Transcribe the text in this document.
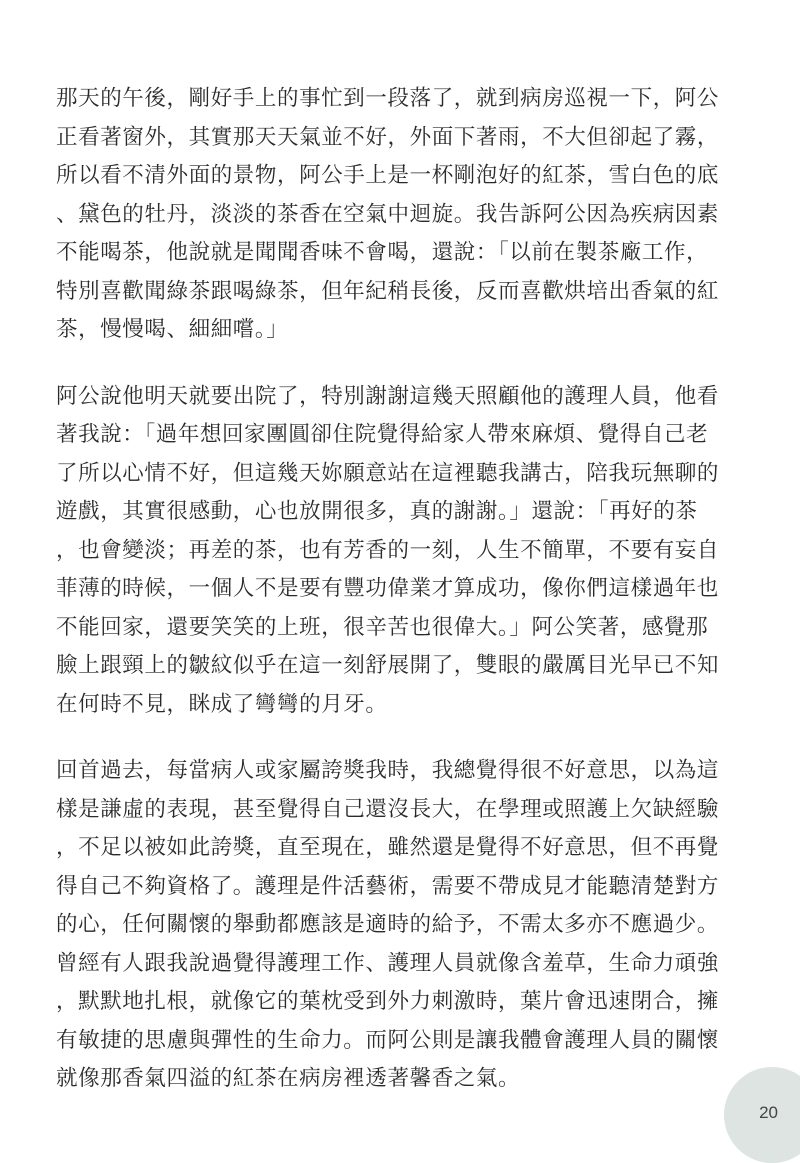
那天的午後，剛好手上的事忙到一段落了，就到病房巡視一下，阿公
正看著窗外，其實那天天氣並不好，外面下著雨，不大但卻起了霧，
所以看不清外面的景物，阿公手上是一杯剛泡好的紅茶，雪白色的底
、黛色的牡丹，淡淡的茶香在空氣中迴旋。我告訴阿公因為疾病因素
不能喝茶，他說就是聞聞香味不會喝，還說：「以前在製茶廠工作，
特別喜歡聞綠茶跟喝綠茶，但年紀稍長後，反而喜歡烘培出香氣的紅
茶，慢慢喝、細細嚐。」

阿公說他明天就要出院了，特別謝謝這幾天照顧他的護理人員，他看
著我說：「過年想回家團圓卻住院覺得給家人帶來麻煩、覺得自己老
了所以心情不好，但這幾天妳願意站在這裡聽我講古，陪我玩無聊的
遊戲，其實很感動，心也放開很多，真的謝謝。」還說：「再好的茶
，也會變淡；再差的茶，也有芳香的一刻，人生不簡單，不要有妄自
菲薄的時候，一個人不是要有豐功偉業才算成功，像你們這樣過年也
不能回家，還要笑笑的上班，很辛苦也很偉大。」阿公笑著，感覺那
臉上跟頸上的皺紋似乎在這一刻舒展開了，雙眼的嚴厲目光早已不知
在何時不見，眯成了彎彎的月牙。

回首過去，每當病人或家屬誇獎我時，我總覺得很不好意思，以為這
樣是謙虛的表現，甚至覺得自己還沒長大，在學理或照護上欠缺經驗
，不足以被如此誇獎，直至現在，雖然還是覺得不好意思，但不再覺
得自己不夠資格了。護理是件活藝術，需要不帶成見才能聽清楚對方
的心，任何關懷的舉動都應該是適時的給予，不需太多亦不應過少。
曾經有人跟我說過覺得護理工作、護理人員就像含羞草，生命力頑強
，默默地扎根，就像它的葉枕受到外力刺激時，葉片會迅速閉合，擁
有敏捷的思慮與彈性的生命力。而阿公則是讓我體會護理人員的關懷
就像那香氣四溢的紅茶在病房裡透著馨香之氣。

20
